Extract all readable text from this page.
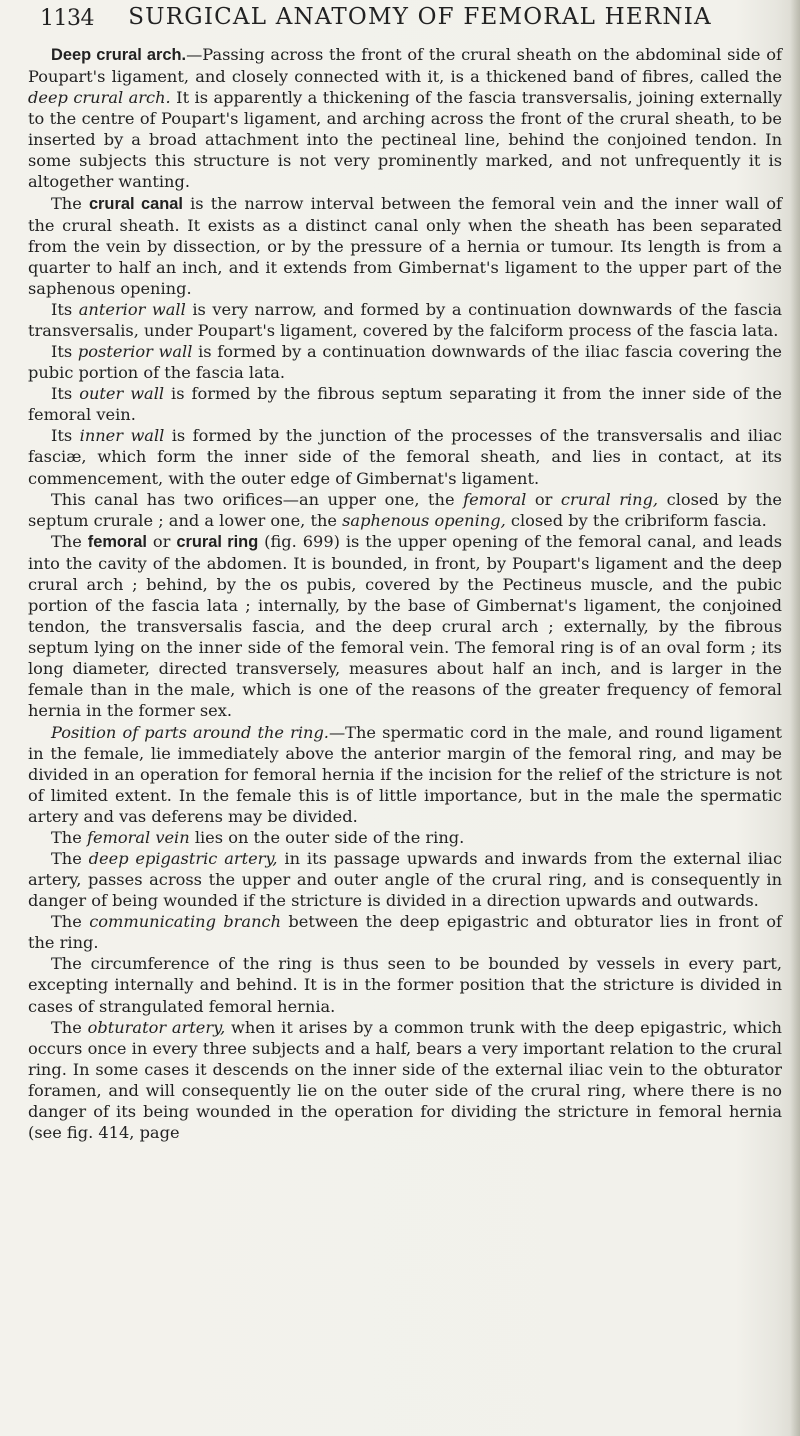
1134	SURGICAL ANATOMY OF FEMORAL HERNIA

Deep crural arch.—Passing across the front of the crural sheath on the abdominal side of Poupart's ligament, and closely connected with it, is a thickened band of fibres, called the deep crural arch. It is apparently a thickening of the fascia transversalis, joining externally to the centre of Poupart's ligament, and arching across the front of the crural sheath, to be inserted by a broad attachment into the pectineal line, behind the conjoined tendon. In some subjects this structure is not very prominently marked, and not unfrequently it is altogether wanting.

The crural canal is the narrow interval between the femoral vein and the inner wall of the crural sheath. It exists as a distinct canal only when the sheath has been separated from the vein by dissection, or by the pressure of a hernia or tumour. Its length is from a quarter to half an inch, and it extends from Gimbernat's ligament to the upper part of the saphenous opening.

Its anterior wall is very narrow, and formed by a continuation downwards of the fascia transversalis, under Poupart's ligament, covered by the falciform process of the fascia lata.

Its posterior wall is formed by a continuation downwards of the iliac fascia covering the pubic portion of the fascia lata.

Its outer wall is formed by the fibrous septum separating it from the inner side of the femoral vein.

Its inner wall is formed by the junction of the processes of the transversalis and iliac fasciæ, which form the inner side of the femoral sheath, and lies in contact, at its commencement, with the outer edge of Gimbernat's ligament.

This canal has two orifices—an upper one, the femoral or crural ring, closed by the septum crurale ; and a lower one, the saphenous opening, closed by the cribriform fascia.

The femoral or crural ring (fig. 699) is the upper opening of the femoral canal, and leads into the cavity of the abdomen. It is bounded, in front, by Poupart's ligament and the deep crural arch ; behind, by the os pubis, covered by the Pectineus muscle, and the pubic portion of the fascia lata ; internally, by the base of Gimbernat's ligament, the conjoined tendon, the transversalis fascia, and the deep crural arch ; externally, by the fibrous septum lying on the inner side of the femoral vein. The femoral ring is of an oval form ; its long diameter, directed transversely, measures about half an inch, and is larger in the female than in the male, which is one of the reasons of the greater frequency of femoral hernia in the former sex.

Position of parts around the ring.—The spermatic cord in the male, and round ligament in the female, lie immediately above the anterior margin of the femoral ring, and may be divided in an operation for femoral hernia if the incision for the relief of the stricture is not of limited extent. In the female this is of little importance, but in the male the spermatic artery and vas deferens may be divided.

The femoral vein lies on the outer side of the ring.

The deep epigastric artery, in its passage upwards and inwards from the external iliac artery, passes across the upper and outer angle of the crural ring, and is consequently in danger of being wounded if the stricture is divided in a direction upwards and outwards.

The communicating branch between the deep epigastric and obturator lies in front of the ring.

The circumference of the ring is thus seen to be bounded by vessels in every part, excepting internally and behind. It is in the former position that the stricture is divided in cases of strangulated femoral hernia.

The obturator artery, when it arises by a common trunk with the deep epigastric, which occurs once in every three subjects and a half, bears a very important relation to the crural ring. In some cases it descends on the inner side of the external iliac vein to the obturator foramen, and will consequently lie on the outer side of the crural ring, where there is no danger of its being wounded in the operation for dividing the stricture in femoral hernia (see fig. 414, page
